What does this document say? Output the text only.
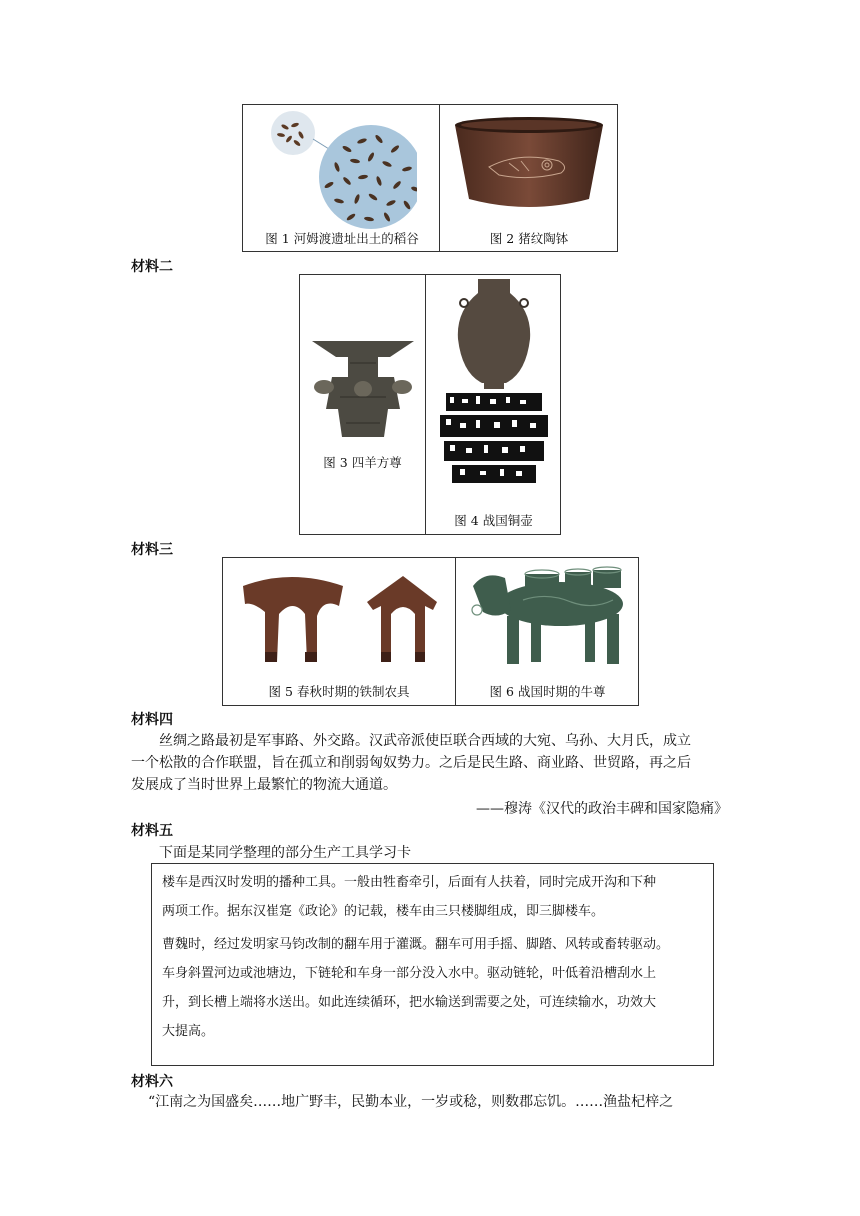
图 1 河姆渡遗址出土的稻谷	图 2 猪纹陶钵
材料二
图 3 四羊方尊
图 4 战国铜壶
材料三
图 5 春秋时期的铁制农具	图 6 战国时期的牛尊
材料四
丝绸之路最初是军事路、外交路。汉武帝派使臣联合西域的大宛、乌孙、大月氏，成立
一个松散的合作联盟，旨在孤立和削弱匈奴势力。之后是民生路、商业路、世贸路，再之后
发展成了当时世界上最繁忙的物流大通道。
——穆涛《汉代的政治丰碑和国家隐痛》
材料五
下面是某同学整理的部分生产工具学习卡
楼车是西汉时发明的播种工具。一般由牲畜牵引，后面有人扶着，同时完成开沟和下种
两项工作。据东汉崔寔《政论》的记载，楼车由三只楼脚组成，即三脚楼车。
曹魏时，经过发明家马钧改制的翻车用于灌溉。翻车可用手摇、脚踏、风转或畜转驱动。
车身斜置河边或池塘边，下链轮和车身一部分没入水中。驱动链轮，叶低着沿槽刮水上
升，到长槽上端将水送出。如此连续循环，把水输送到需要之处，可连续输水，功效大
大提高。
材料六
“江南之为国盛矣……地广野丰，民勤本业，一岁或稔，则数郡忘饥。……渔盐杞梓之
